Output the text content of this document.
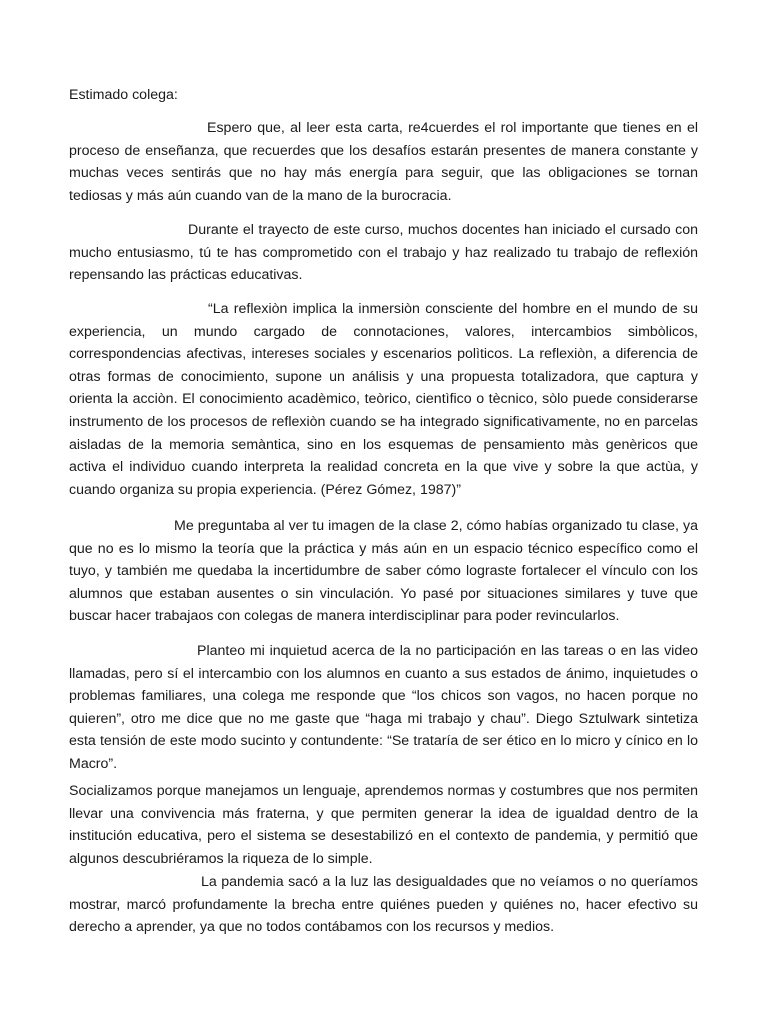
Estimado colega:

Espero que, al leer esta carta, re4cuerdes el rol importante que tienes en el proceso de enseñanza, que recuerdes que los desafíos estarán presentes de manera constante y muchas veces sentirás que no hay más energía para seguir, que las obligaciones se tornan tediosas y más aún cuando van de la mano de la burocracia.

Durante el trayecto de este curso, muchos docentes han iniciado el cursado con mucho entusiasmo, tú te has comprometido con el trabajo y haz realizado tu trabajo de reflexión repensando las prácticas educativas.

“La reflexiòn implica la inmersiòn consciente del hombre en el mundo de su experiencia, un mundo cargado de connotaciones, valores, intercambios simbòlicos, correspondencias afectivas, intereses sociales y escenarios polìticos. La reflexiòn, a diferencia de otras formas de conocimiento, supone un análisis y una propuesta totalizadora, que captura y orienta la acciòn. El conocimiento acadèmico, teòrico, cientìfico o tècnico, sòlo puede considerarse instrumento de los procesos de reflexiòn cuando se ha integrado significativamente, no en parcelas aisladas de la memoria semàntica, sino en los esquemas de pensamiento màs genèricos que activa el individuo cuando interpreta la realidad concreta en la que vive y sobre la que actùa, y cuando organiza su propia experiencia. (Pérez Gómez, 1987)”

Me preguntaba al ver tu imagen de la clase 2, cómo habías organizado tu clase, ya que no es lo mismo la teoría que la práctica y más aún en un espacio técnico específico como el tuyo, y también me quedaba la incertidumbre de saber cómo lograste fortalecer el vínculo con los alumnos que estaban ausentes o sin vinculación. Yo pasé por situaciones similares y tuve que buscar hacer trabajaos con colegas de manera interdisciplinar para poder revincularlos.

Planteo mi inquietud acerca de la no participación en las tareas o en las video llamadas, pero sí el intercambio con los alumnos en cuanto a sus estados de ánimo, inquietudes o problemas familiares, una colega me responde que “los chicos son vagos, no hacen porque no quieren”, otro me dice que no me gaste que “haga mi trabajo y chau”. Diego Sztulwark sintetiza esta tensión de este modo sucinto y contundente: “Se trataría de ser ético en lo micro y cínico en lo Macro”.

Socializamos porque manejamos un lenguaje, aprendemos normas y costumbres que nos permiten llevar una convivencia más fraterna, y que permiten generar la idea de igualdad dentro de la institución educativa, pero el sistema se desestabilizó en el contexto de pandemia, y permitió que algunos descubriéramos la riqueza de lo simple.

La pandemia sacó a la luz las desigualdades que no veíamos o no queríamos mostrar, marcó profundamente la brecha entre quiénes pueden y quiénes no, hacer efectivo su derecho a aprender, ya que no todos contábamos con los recursos y medios.
